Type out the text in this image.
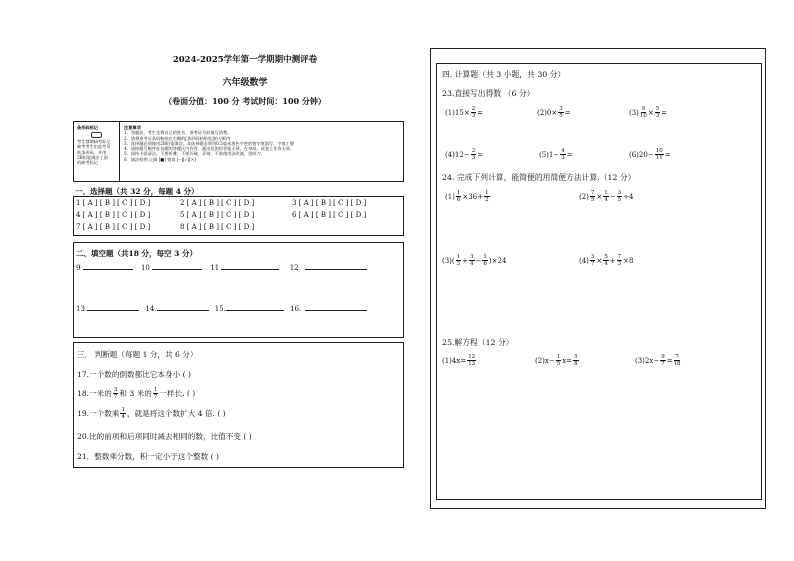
2024-2025学年第一学期期中测评卷
六年级数学
（卷面分值：100 分 考试时间：100 分钟）
条形码标记
考生禁填缺考标记
缺考考生由监考员
贴条形码，并用
2B铅笔填涂上面
的缺考标记
注意事项
1．答题前，考生先将自己的姓名、准考证号码填写清楚。
2．请将准考证条码粘贴在右侧的[条形码粘贴处]的方框内
3．选择题必须使用2B铅笔填涂；非选择题必须用0.5毫米黑色字迹的签字笔填写，字体工整
4．请按题号顺序在各题的答题区内作答，超出范围的答案无效，在草纸、试卷上作答无效。
5．保持卡面清洁，不要折叠、不要弄破、弄皱，不准使用涂改液、刮纸刀。
6．填涂样例 正确 [■] 错误 [--][√][×]
一、选择题（共 32 分，每题 4 分）
1 [ A ] [ B ] [ C ] [ D ]	2 [ A ] [ B ] [ C ] [ D ]	3 [ A ] [ B ] [ C ] [ D ]
4 [ A ] [ B ] [ C ] [ D ]	5 [ A ] [ B ] [ C ] [ D ]	6 [ A ] [ B ] [ C ] [ D ]
7 [ A ] [ B ] [ C ] [ D ]	8 [ A ] [ B ] [ C ] [ D ]
二、填空题（共18 分，每空 3 分）
9	10	11	12
13.	14.	15.	16.
三． 判断题（每题 1 分，共 6 分）
17.一个数的倒数都比它本身小 ( )
18.一米的 $\frac{3}{7}$ 和 3 米的 $\frac{1}{7}$ 一样长. ( )
19.一个数乘 $\frac{1}{4}$ ，就是将这个数扩大 4 倍. ( )
20.比的前项和后项同时减去相同的数，比值不变 ( )
21．整数乘分数，积一定小于这个整数 ( )
四. 计算题（共 3 小题，共 30 分）
23.直接写出得数 （6 分）
$(1)15\times \frac{2}{3}$ =	$(2)0\times \frac{3}{5}$ =	$(3) \frac{9}{10} \times \frac{5}{3}$ =
$(4)12- \frac{2}{3}$ =	$(5)1- \frac{4}{3}$ =	$(6)20- \frac{10}{11}$ =
24. 完成下列计算，能简便的用简便方法计算.（12 分）
$(1) \frac{1}{6} \times 36+ \frac{1}{2}$	$(2) \frac{7}{5} \times \frac{1}{4} - \frac{3}{5} \div 4$
$(3)( \frac{1}{3} + \frac{3}{4} - \frac{1}{6} )\times 24$	$(4) \frac{3}{7} \times \frac{5}{4} + \frac{7}{3} \times 8$
25.解方程（12 分）
$(1)4x= \frac{12}{13}$	$(2)x- \frac{1}{5} x= \frac{5}{8}$	$(3)2x- \frac{9}{7} = \frac{7}{18}$
